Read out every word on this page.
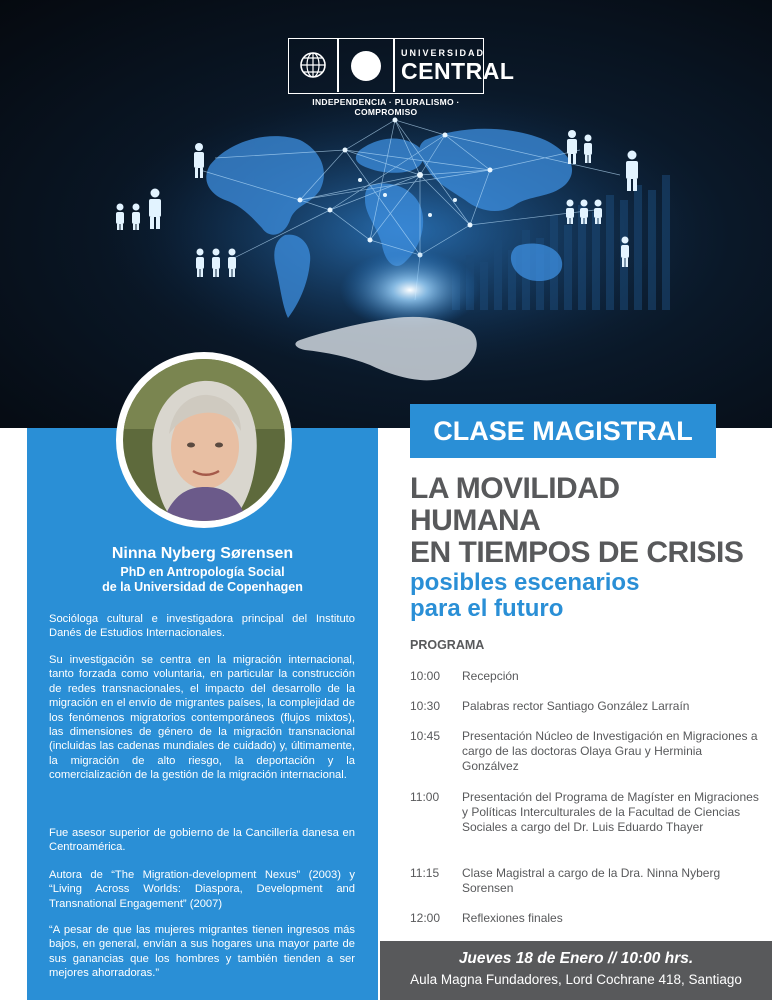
UNIVERSIDAD
CENTRAL
INDEPENDENCIA · PLURALISMO · COMPROMISO
Ninna Nyberg Sørensen
PhD en Antropología Social
de la Universidad de Copenhagen

Socióloga cultural e investigadora principal del Instituto Danés de Estudios Internacionales.

Su investigación se centra en la migración internacional, tanto forzada como voluntaria, en particular la construcción de redes transnacionales, el impacto del desarrollo de la migración en el envío de migrantes países, la complejidad de los fenómenos migratorios contemporáneos (flujos mixtos), las dimensiones de género de la migración transnacional (incluidas las cadenas mundiales de cuidado) y, últimamente, la migración de alto riesgo, la deportación y la comercialización de la gestión de la migración internacional.

Fue asesor superior de gobierno de la Cancillería danesa en Centroamérica.

Autora de “The Migration-development Nexus” (2003) y “Living Across Worlds: Diaspora, Development and Transnational Engagement” (2007)

“A pesar de que las mujeres migrantes tienen ingresos más bajos, en general, envían a sus hogares una mayor parte de sus ganancias que los hombres y también tienden a ser mejores ahorradoras.”

CLASE MAGISTRAL
LA MOVILIDAD
HUMANA
EN TIEMPOS DE CRISIS
posibles escenarios
para el futuro
PROGRAMA
10:00	Recepción
10:30	Palabras rector Santiago González Larraín
10:45	Presentación Núcleo de Investigación en Migraciones a cargo de las doctoras Olaya Grau y Herminia Gonzálvez
11:00	Presentación del Programa de Magíster en Migraciones y Políticas Interculturales de la Facultad de Ciencias Sociales a cargo del Dr. Luis Eduardo Thayer
11:15	Clase Magistral a cargo de la Dra. Ninna Nyberg Sorensen
12:00	Reflexiones finales
Jueves 18 de Enero // 10:00 hrs.
Aula Magna Fundadores, Lord Cochrane 418, Santiago
